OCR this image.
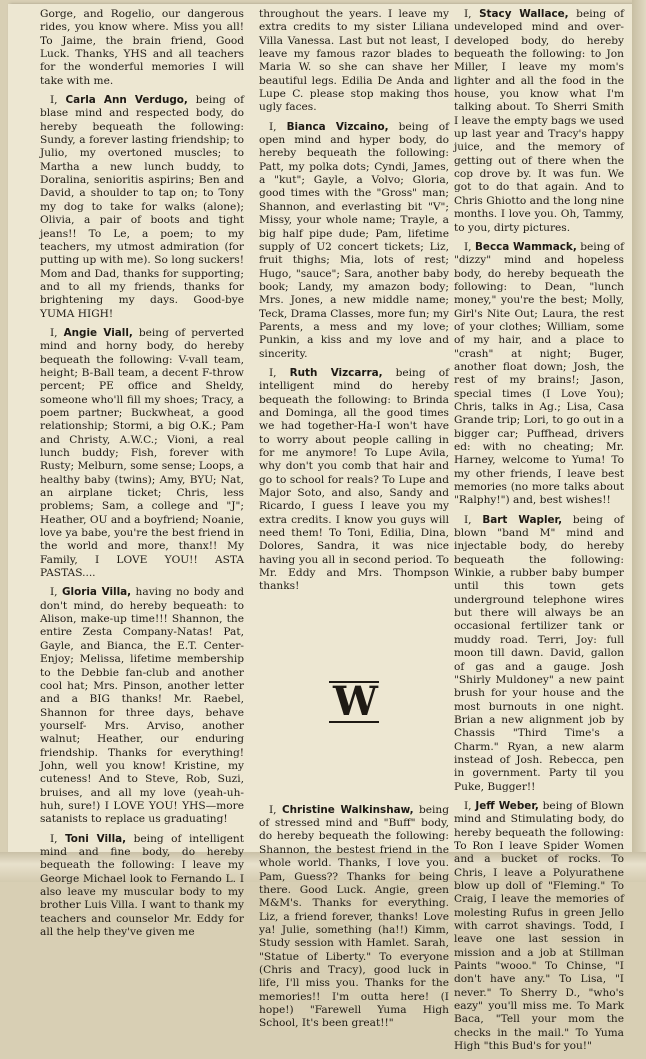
Gorge, and Rogelio, our dangerous rides, you know where. Miss you all! To Jaime, the brain friend, Good Luck. Thanks, YHS and all teachers for the wonderful memories I will take with me.

I, Carla Ann Verdugo, being of blase mind and respected body, do hereby bequeath the following: Sundy, a forever lasting friendship; to Julio, my overtoned muscles; to Martha a new lunch buddy, to Doralina, senioritis aspirins; Ben and David, a shoulder to tap on; to Tony my dog to take for walks (alone); Olivia, a pair of boots and tight jeans!! To Le, a poem; to my teachers, my utmost admiration (for putting up with me). So long suckers! Mom and Dad, thanks for supporting; and to all my friends, thanks for brightening my days. Good-bye YUMA HIGH!

I, Angie Viall, being of perverted mind and horny body, do hereby bequeath the following: V-vall team, height; B-Ball team, a decent F-throw percent; PE office and Sheldy, someone who'll fill my shoes; Tracy, a poem partner; Buckwheat, a good relationship; Stormi, a big O.K.; Pam and Christy, A.W.C.; Vioni, a real lunch buddy; Fish, forever with Rusty; Melburn, some sense; Loops, a healthy baby (twins); Amy, BYU; Nat, an airplane ticket; Chris, less problems; Sam, a college and "J"; Heather, OU and a boyfriend; Noanie, love ya babe, you're the best friend in the world and more, thanx!! My Family, I LOVE YOU!! ASTA PASTAS....

I, Gloria Villa, having no body and don't mind, do hereby bequeath: to Alison, make-up time!!! Shannon, the entire Zesta Company-Natas! Pat, Gayle, and Bianca, the E.T. Center-Enjoy; Melissa, lifetime membership to the Debbie fan-club and another cool hat; Mrs. Pinson, another letter and a BIG thanks! Mr. Raebel, Shannon for three days, behave yourself- Mrs. Arviso, another walnut; Heather, our enduring friendship. Thanks for everything! John, well you know! Kristine, my cuteness! And to Steve, Rob, Suzi, bruises, and all my love (yeah-uh-huh, sure!) I LOVE YOU! YHS—more satanists to replace us graduating!

I, Toni Villa, being of intelligent mind and fine body, do hereby bequeath the following: I leave my George Michael look to Fernando L. I also leave my muscular body to my brother Luis Villa. I want to thank my teachers and counselor Mr. Eddy for all the help they've given me

throughout the years. I leave my extra credits to my sister Liliana Villa Vanessa. Last but not least, I leave my famous razor blades to Maria W. so she can shave her beautiful legs. Edilia De Anda and Lupe C. please stop making thos ugly faces.

I, Bianca Vizcaino, being of open mind and hyper body, do hereby bequeath the following: Patt, my polka dots; Cyndi, James, a "kut"; Gayle, a Volvo; Gloria, good times with the "Gross" man; Shannon, and everlasting bit "V"; Missy, your whole name; Trayle, a big half pipe dude; Pam, lifetime supply of U2 concert tickets; Liz, fruit thighs; Mia, lots of rest; Hugo, "sauce"; Sara, another baby book; Landy, my amazon body; Mrs. Jones, a new middle name; Teck, Drama Classes, more fun; my Parents, a mess and my love; Punkin, a kiss and my love and sincerity.

I, Ruth Vizcarra, being of intelligent mind do hereby bequeath the following: to Brinda and Dominga, all the good times we had together-Ha-I won't have to worry about people calling in for me anymore! To Lupe Avila, why don't you comb that hair and go to school for reals? To Lupe and Major Soto, and also, Sandy and Ricardo, I guess I leave you my extra credits. I know you guys will need them! To Toni, Edilia, Dina, Dolores, Sandra, it was nice having you all in second period. To Mr. Eddy and Mrs. Thompson thanks!

W

I, Christine Walkinshaw, being of stressed mind and "Buff" body, do hereby bequeath the following: Shannon, the bestest friend in the whole world. Thanks, I love you. Pam, Guess?? Thanks for being there. Good Luck. Angie, green M&M's. Thanks for everything. Liz, a friend forever, thanks! Love ya! Julie, something (ha!!) Kimm, Study session with Hamlet. Sarah, "Statue of Liberty." To everyone (Chris and Tracy), good luck in life, I'll miss you. Thanks for the memories!! I'm outta here! (I hope!) "Farewell Yuma High School, It's been great!!"

I, Stacy Wallace, being of undeveloped mind and over-developed body, do hereby bequeath the following: to Jon Miller, I leave my mom's lighter and all the food in the house, you know what I'm talking about. To Sherri Smith I leave the empty bags we used up last year and Tracy's happy juice, and the memory of getting out of there when the cop drove by. It was fun. We got to do that again. And to Chris Ghiotto and the long nine months. I love you. Oh, Tammy, to you, dirty pictures.

I, Becca Wammack, being of "dizzy" mind and hopeless body, do hereby bequeath the following: to Dean, "lunch money," you're the best; Molly, Girl's Nite Out; Laura, the rest of your clothes; William, some of my hair, and a place to "crash" at night; Buger, another float down; Josh, the rest of my brains!; Jason, special times (I Love You); Chris, talks in Ag.; Lisa, Casa Grande trip; Lori, to go out in a bigger car; Puffhead, drivers ed: with no cheating; Mr. Harney, welcome to Yuma! To my other friends, I leave best memories (no more talks about "Ralphy!") and, best wishes!!

I, Bart Wapler, being of blown "band M" mind and injectable body, do hereby bequeath the following: Winkie, a rubber baby bumper until this town gets underground telephone wires but there will always be an occasional fertilizer tank or muddy road. Terri, Joy: full moon till dawn. David, gallon of gas and a gauge. Josh "Shirly Muldoney" a new paint brush for your house and the most burnouts in one night. Brian a new alignment job by Chassis "Third Time's a Charm." Ryan, a new alarm instead of Josh. Rebecca, pen in government. Party til you Puke, Bugger!!

I, Jeff Weber, being of Blown mind and Stimulating body, do hereby bequeath the following: To Ron I leave Spider Women and a bucket of rocks. To Chris, I leave a Polyurathene blow up doll of "Fleming." To Craig, I leave the memories of molesting Rufus in green Jello with carrot shavings. Todd, I leave one last session in mission and a job at Stillman Paints "wooo." To Chinse, "I don't have any." To Lisa, "I never." To Sherry D., "who's eazy" you'll miss me. To Mark Baca, "Tell your mom the checks in the mail." To Yuma High "this Bud's for you!"
